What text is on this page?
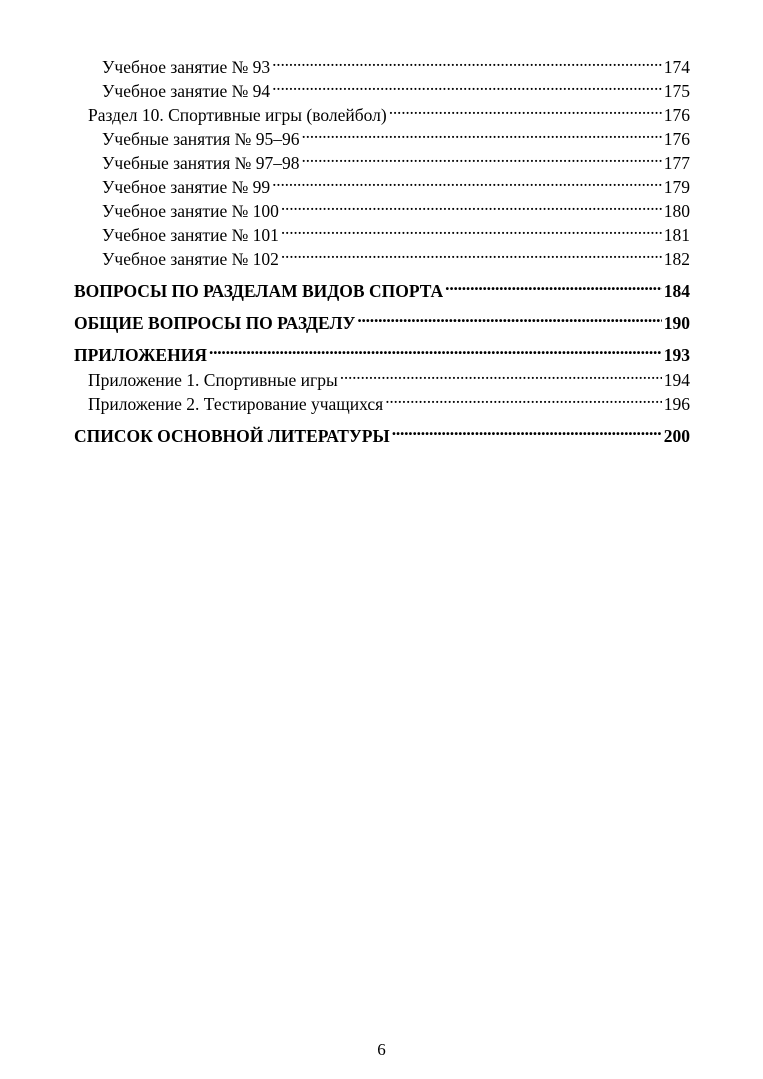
Учебное занятие № 93 . . .	174
Учебное занятие № 94 . . .	175
Раздел 10. Спортивные игры (волейбол) . . .	176
Учебные занятия № 95–96 . . .	176
Учебные занятия № 97–98 . . .	177
Учебное занятие № 99 . . .	179
Учебное занятие № 100 . . .	180
Учебное занятие № 101 . . .	181
Учебное занятие № 102 . . .	182
ВОПРОСЫ ПО РАЗДЕЛАМ ВИДОВ СПОРТА . . .	184
ОБЩИЕ ВОПРОСЫ ПО РАЗДЕЛУ . . .	190
ПРИЛОЖЕНИЯ . . .	193
Приложение 1. Спортивные игры . . .	194
Приложение 2. Тестирование учащихся . . .	196
СПИСОК ОСНОВНОЙ ЛИТЕРАТУРЫ . . .	200
6
